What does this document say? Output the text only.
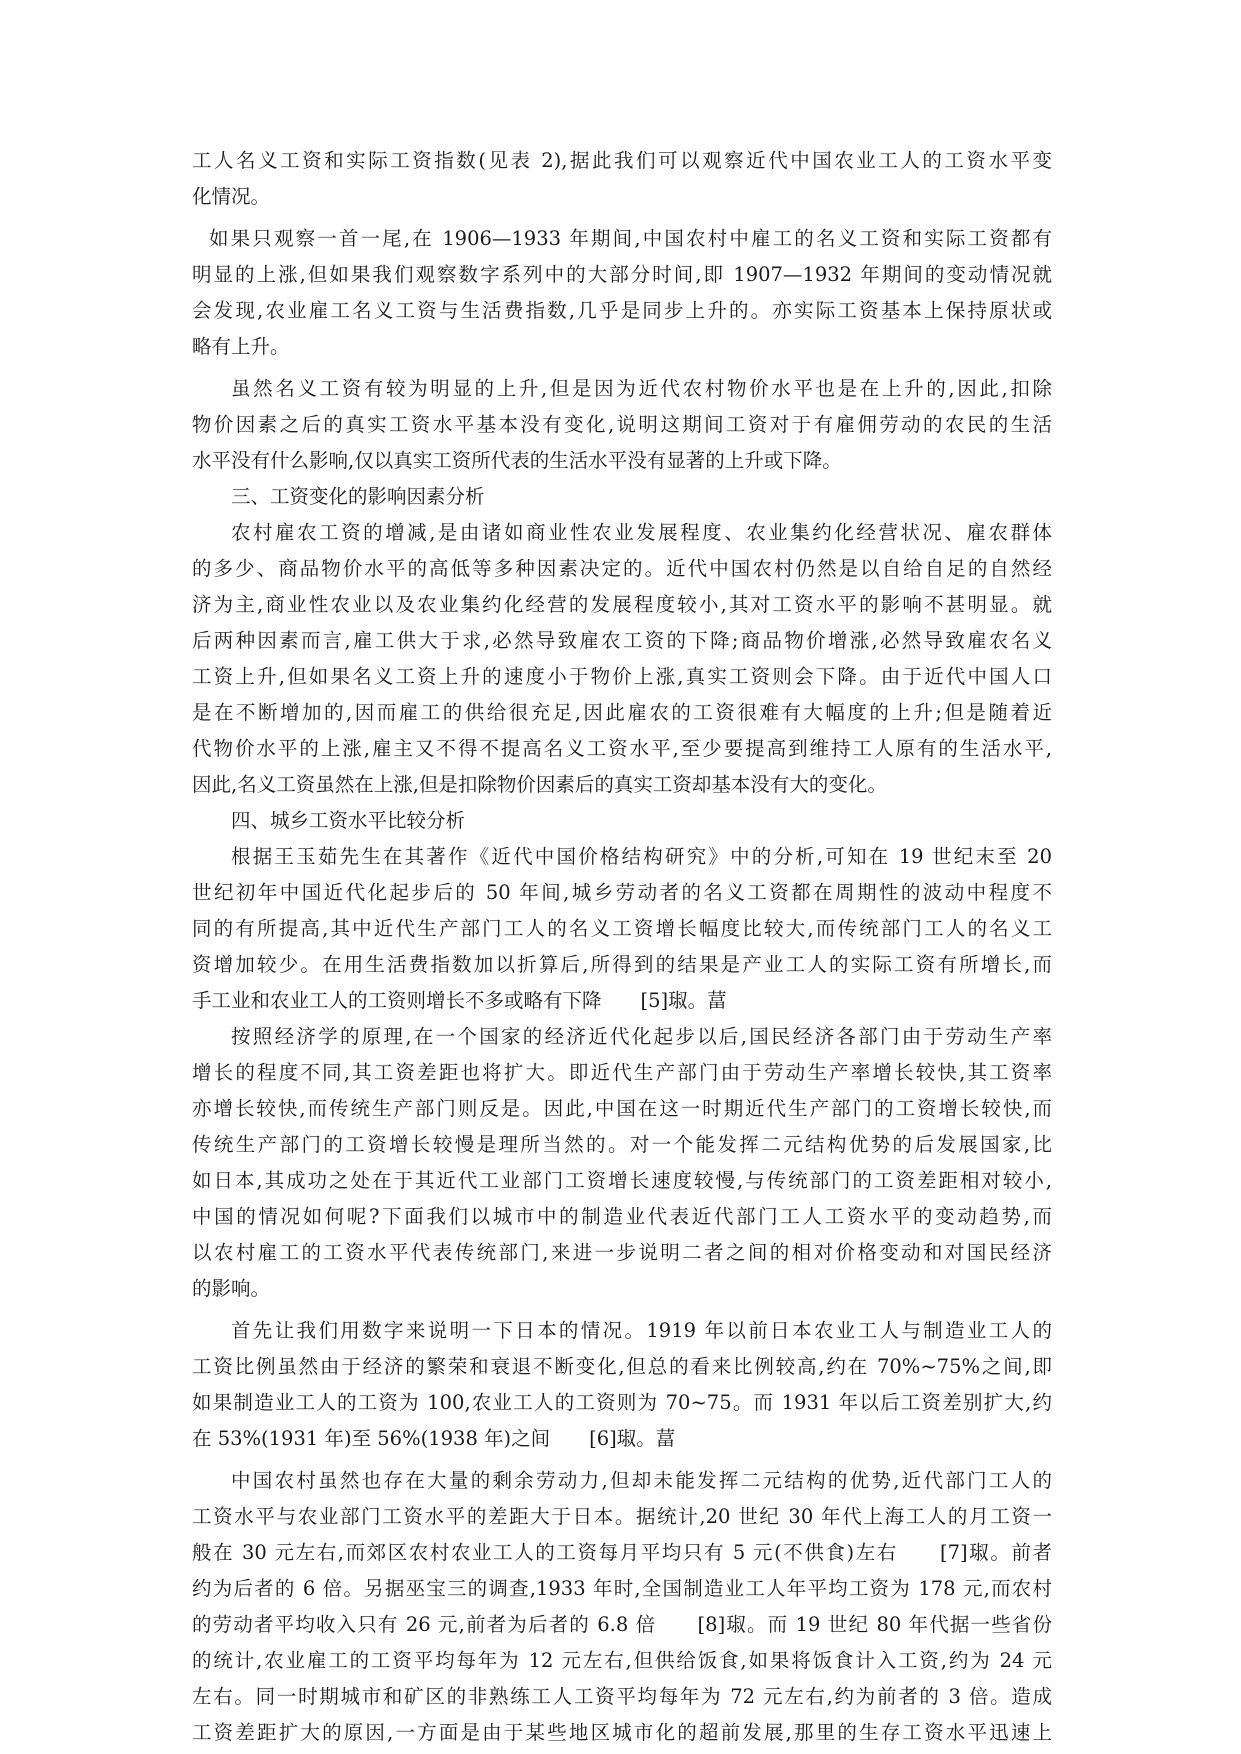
工人名义工资和实际工资指数(见表 2),据此我们可以观察近代中国农业工人的工资水平变
化情况。
如果只观察一首一尾,在 1906—1933 年期间,中国农村中雇工的名义工资和实际工资都有
明显的上涨,但如果我们观察数字系列中的大部分时间,即 1907—1932 年期间的变动情况就
会发现,农业雇工名义工资与生活费指数,几乎是同步上升的。亦实际工资基本上保持原状或
略有上升。
虽然名义工资有较为明显的上升,但是因为近代农村物价水平也是在上升的,因此,扣除
物价因素之后的真实工资水平基本没有变化,说明这期间工资对于有雇佣劳动的农民的生活
水平没有什么影响,仅以真实工资所代表的生活水平没有显著的上升或下降。
三、工资变化的影响因素分析
农村雇农工资的增减,是由诸如商业性农业发展程度、农业集约化经营状况、雇农群体
的多少、商品物价水平的高低等多种因素决定的。近代中国农村仍然是以自给自足的自然经
济为主,商业性农业以及农业集约化经营的发展程度较小,其对工资水平的影响不甚明显。就
后两种因素而言,雇工供大于求,必然导致雇农工资的下降;商品物价增涨,必然导致雇农名义
工资上升,但如果名义工资上升的速度小于物价上涨,真实工资则会下降。由于近代中国人口
是在不断增加的,因而雇工的供给很充足,因此雇农的工资很难有大幅度的上升;但是随着近
代物价水平的上涨,雇主又不得不提高名义工资水平,至少要提高到维持工人原有的生活水平,
因此,名义工资虽然在上涨,但是扣除物价因素后的真实工资却基本没有大的变化。
四、城乡工资水平比较分析
根据王玉茹先生在其著作《近代中国价格结构研究》中的分析,可知在 19 世纪末至 20
世纪初年中国近代化起步后的 50 年间,城乡劳动者的名义工资都在周期性的波动中程度不
同的有所提高,其中近代生产部门工人的名义工资增长幅度比较大,而传统部门工人的名义工
资增加较少。在用生活费指数加以折算后,所得到的结果是产业工人的实际工资有所增长,而
手工业和农业工人的工资则增长不多或略有下降　　[5]琡。葍
按照经济学的原理,在一个国家的经济近代化起步以后,国民经济各部门由于劳动生产率
增长的程度不同,其工资差距也将扩大。即近代生产部门由于劳动生产率增长较快,其工资率
亦增长较快,而传统生产部门则反是。因此,中国在这一时期近代生产部门的工资增长较快,而
传统生产部门的工资增长较慢是理所当然的。对一个能发挥二元结构优势的后发展国家,比
如日本,其成功之处在于其近代工业部门工资增长速度较慢,与传统部门的工资差距相对较小,
中国的情况如何呢?下面我们以城市中的制造业代表近代部门工人工资水平的变动趋势,而
以农村雇工的工资水平代表传统部门,来进一步说明二者之间的相对价格变动和对国民经济
的影响。
首先让我们用数字来说明一下日本的情况。1919 年以前日本农业工人与制造业工人的
工资比例虽然由于经济的繁荣和衰退不断变化,但总的看来比例较高,约在 70%~75%之间,即
如果制造业工人的工资为 100,农业工人的工资则为 70~75。而 1931 年以后工资差别扩大,约
在 53%(1931 年)至 56%(1938 年)之间　　[6]琡。葍
中国农村虽然也存在大量的剩余劳动力,但却未能发挥二元结构的优势,近代部门工人的
工资水平与农业部门工资水平的差距大于日本。据统计,20 世纪 30 年代上海工人的月工资一
般在 30 元左右,而郊区农村农业工人的工资每月平均只有 5 元(不供食)左右　　[7]琡。前者
约为后者的 6 倍。另据巫宝三的调查,1933 年时,全国制造业工人年平均工资为 178 元,而农村
的劳动者平均收入只有 26 元,前者为后者的 6.8 倍　　[8]琡。而 19 世纪 80 年代据一些省份
的统计,农业雇工的工资平均每年为 12 元左右,但供给饭食,如果将饭食计入工资,约为 24 元
左右。同一时期城市和矿区的非熟练工人工资平均每年为 72 元左右,约为前者的 3 倍。造成
工资差距扩大的原因,一方面是由于某些地区城市化的超前发展,那里的生存工资水平迅速上
